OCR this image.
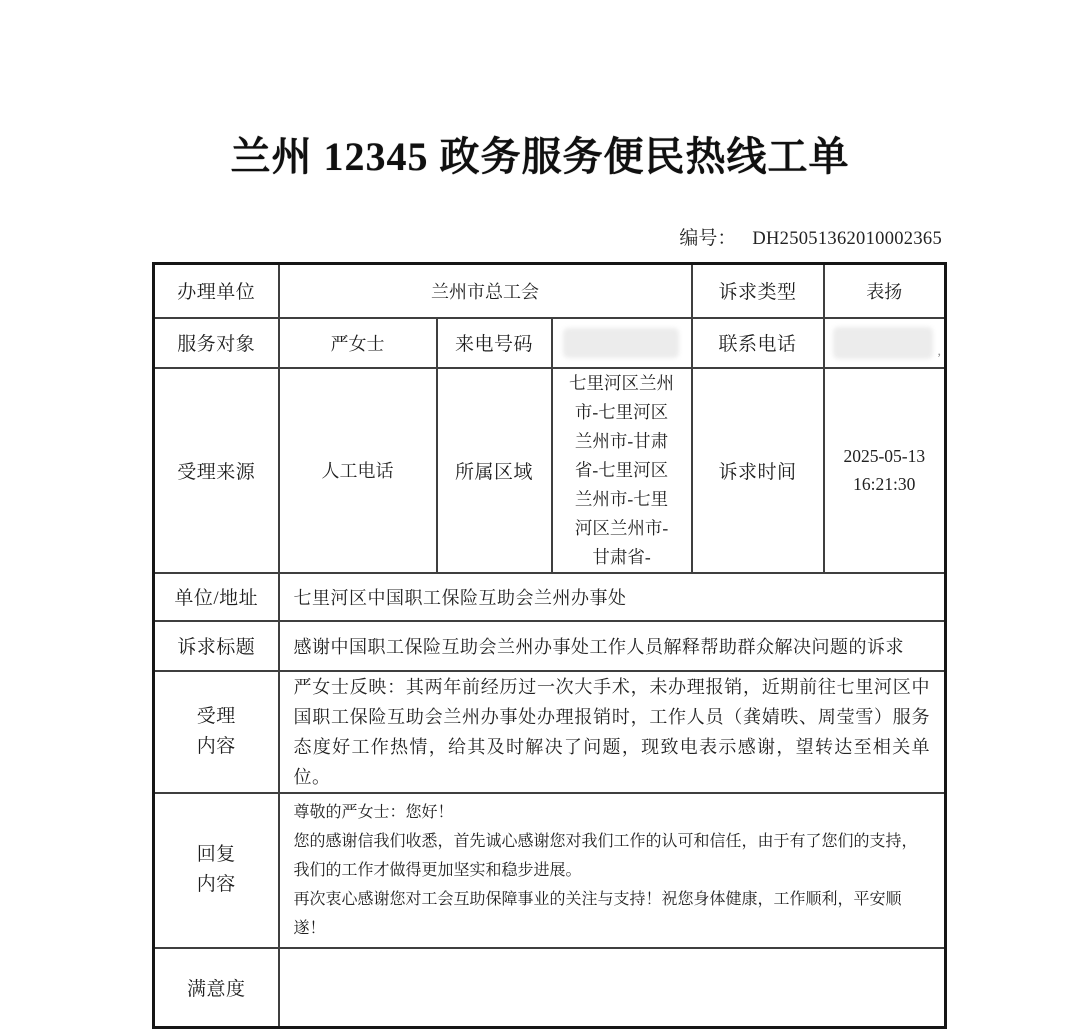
兰州 12345 政务服务便民热线工单
编号： DH25051362010002365
办理单位	兰州市总工会			诉求类型	表扬
服务对象	严女士	来电号码		联系电话	,

受理来源	人工电话	所属区域	七里河区兰州市-七里河区兰州市-甘肃省-七里河区兰州市-七里河区兰州市-甘肃省-	诉求时间	2025-05-13 16:21:30
单位/地址	七里河区中国职工保险互助会兰州办事处				
诉求标题	感谢中国职工保险互助会兰州办事处工作人员解释帮助群众解决问题的诉求				
受理内容	严女士反映：其两年前经历过一次大手术，未办理报销，近期前往七里河区中国职工保险互助会兰州办事处办理报销时，工作人员（龚婧昳、周莹雪）服务态度好工作热情，给其及时解决了问题，现致电表示感谢，望转达至相关单位。				
回复内容	尊敬的严女士：您好！
您的感谢信我们收悉，首先诚心感谢您对我们工作的认可和信任，由于有了您们的支持，我们的工作才做得更加坚实和稳步进展。
再次衷心感谢您对工会互助保障事业的关注与支持！祝您身体健康，工作顺利，平安顺遂！				

满意度					
